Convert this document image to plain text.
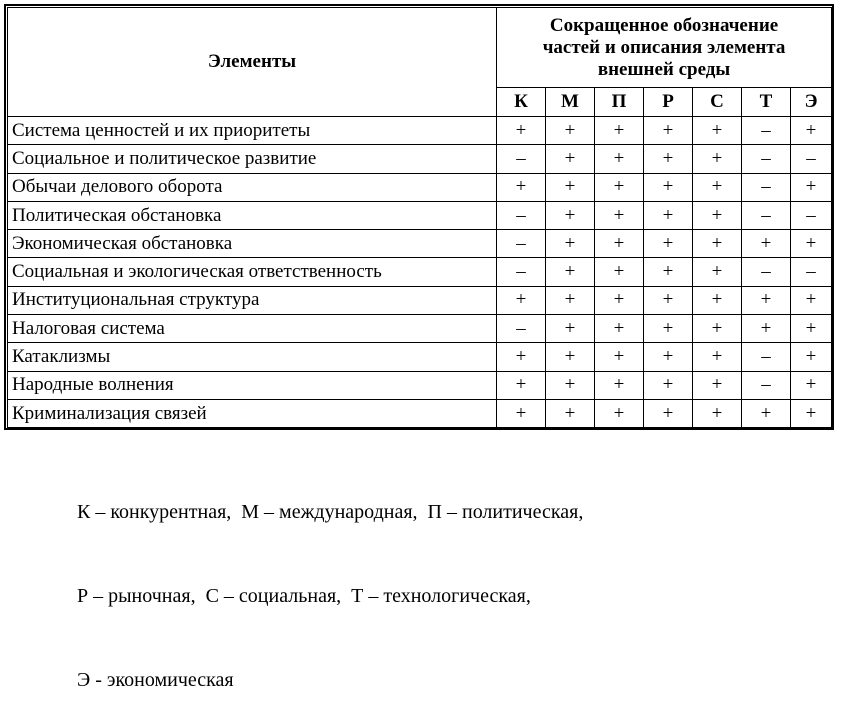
Элементы	Сокращенное обозначение
частей и описания элемента
внешней среды						

	К	М	П	Р	С	Т	Э
Система ценностей и их приоритеты	+	+	+	+	+	–	+
Социальное и политическое развитие	–	+	+	+	+	–	–
Обычаи делового оборота	+	+	+	+	+	–	+
Политическая обстановка	–	+	+	+	+	–	–
Экономическая обстановка	–	+	+	+	+	+	+
Социальная и экологическая ответственность	–	+	+	+	+	–	–
Институциональная структура	+	+	+	+	+	+	+
Налоговая система	–	+	+	+	+	+	+
Катаклизмы	+	+	+	+	+	–	+
Народные волнения	+	+	+	+	+	–	+
Криминализация связей	+	+	+	+	+	+	+

К – конкурентная,  М – международная,  П – политическая,

Р – рыночная,  С – социальная,  Т – технологическая,

Э - экономическая
